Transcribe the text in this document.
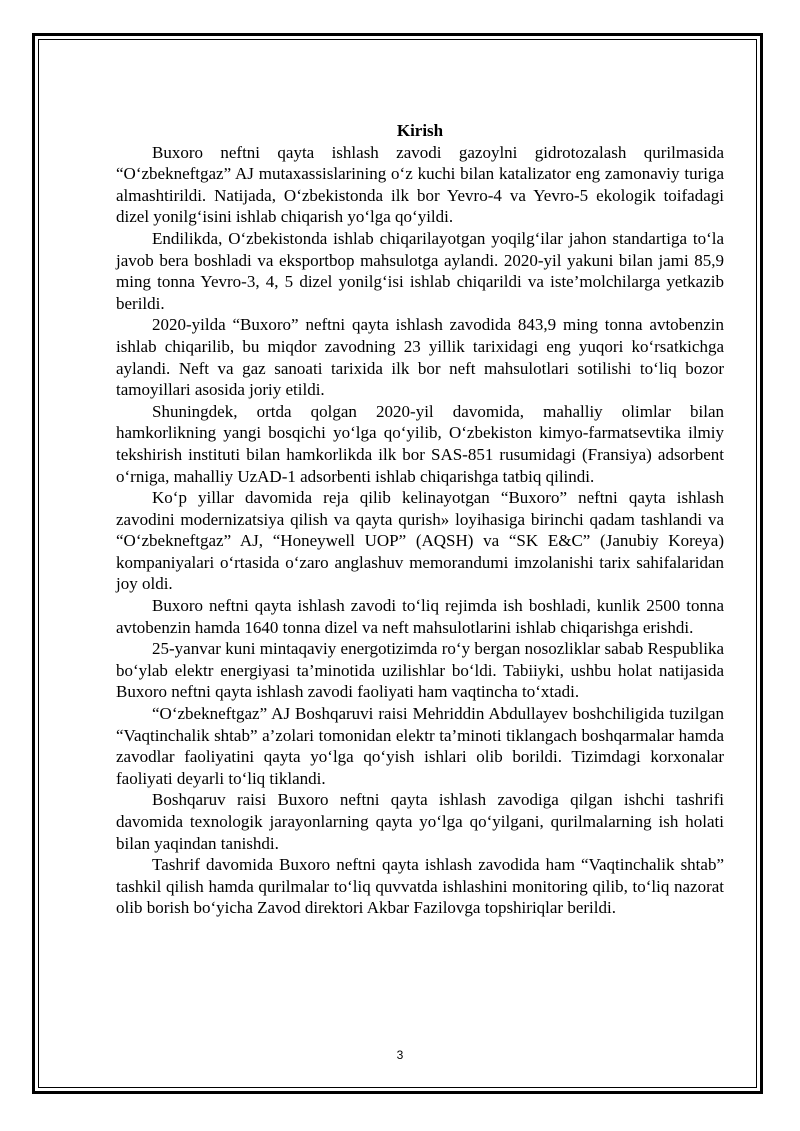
Kirish

Buxoro neftni qayta ishlash zavodi gazoylni gidrotozalash qurilmasida “O‘zbekneftgaz” AJ mutaxassislarining o‘z kuchi bilan katalizator eng zamonaviy turiga almashtirildi. Natijada, O‘zbekistonda ilk bor Yevro-4 va Yevro-5 ekologik toifadagi dizel yonilg‘isini ishlab chiqarish yo‘lga qo‘yildi.

Endilikda, O‘zbekistonda ishlab chiqarilayotgan yoqilg‘ilar jahon standartiga to‘la javob bera boshladi va eksportbop mahsulotga aylandi. 2020-yil yakuni bilan jami 85,9 ming tonna Yevro-3, 4, 5 dizel yonilg‘isi ishlab chiqarildi va iste’molchilarga yetkazib berildi.

2020-yilda “Buxoro” neftni qayta ishlash zavodida 843,9 ming tonna avtobenzin ishlab chiqarilib, bu miqdor zavodning 23 yillik tarixidagi eng yuqori ko‘rsatkichga aylandi. Neft va gaz sanoati tarixida ilk bor neft mahsulotlari sotilishi to‘liq bozor tamoyillari asosida joriy etildi.

Shuningdek, ortda qolgan 2020-yil davomida, mahalliy olimlar bilan hamkorlikning yangi bosqichi yo‘lga qo‘yilib, O‘zbekiston kimyo-farmatsevtika ilmiy tekshirish instituti bilan hamkorlikda ilk bor SAS-851 rusumidagi (Fransiya) adsorbent o‘rniga, mahalliy UzAD-1 adsorbenti ishlab chiqarishga tatbiq qilindi.

Ko‘p yillar davomida reja qilib kelinayotgan “Buxoro” neftni qayta ishlash zavodini modernizatsiya qilish va qayta qurish» loyihasiga birinchi qadam tashlandi va “O‘zbekneftgaz” AJ, “Honeywell UOP” (AQSH) va “SK E&C” (Janubiy Koreya) kompaniyalari o‘rtasida o‘zaro anglashuv memorandumi imzolanishi tarix sahifalaridan joy oldi.

Buxoro neftni qayta ishlash zavodi to‘liq rejimda ish boshladi, kunlik 2500 tonna avtobenzin hamda 1640 tonna dizel va neft mahsulotlarini ishlab chiqarishga erishdi.

25-yanvar kuni mintaqaviy energotizimda ro‘y bergan nosozliklar sabab Respublika bo‘ylab elektr energiyasi ta’minotida uzilishlar bo‘ldi. Tabiiyki, ushbu holat natijasida Buxoro neftni qayta ishlash zavodi faoliyati ham vaqtincha to‘xtadi.

“O‘zbekneftgaz” AJ Boshqaruvi raisi Mehriddin Abdullayev boshchiligida tuzilgan “Vaqtinchalik shtab” a’zolari tomonidan elektr ta’minoti tiklangach boshqarmalar hamda zavodlar faoliyatini qayta yo‘lga qo‘yish ishlari olib borildi. Tizimdagi korxonalar faoliyati deyarli to‘liq tiklandi.

Boshqaruv raisi Buxoro neftni qayta ishlash zavodiga qilgan ishchi tashrifi davomida texnologik jarayonlarning qayta yo‘lga qo‘yilgani, qurilmalarning ish holati bilan yaqindan tanishdi.

Tashrif davomida Buxoro neftni qayta ishlash zavodida ham “Vaqtinchalik shtab” tashkil qilish hamda qurilmalar to‘liq quvvatda ishlashini monitoring qilib, to‘liq nazorat olib borish bo‘yicha Zavod direktori Akbar Fazilovga topshiriqlar berildi.

3
